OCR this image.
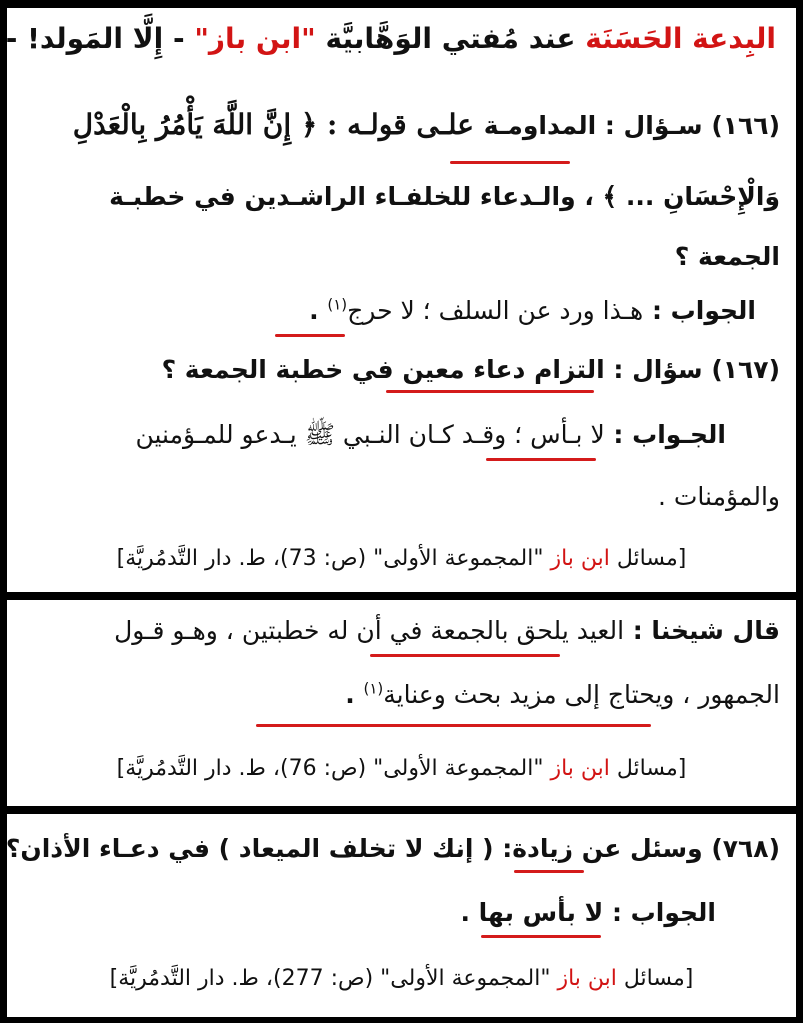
البِدعة الحَسَنَة عند مُفتي الوَهَّابيَّة "ابن باز" - إِلَّا المَولد! -
(١٦٦) سـؤال : المداومـة علـى قولـه : ﴿ إِنَّ اللَّهَ يَأْمُرُ بِالْعَدْلِ
وَالْإِحْسَانِ ... ﴾ ، والـدعاء للخلفـاء الراشـدين في خطبـة
الجمعة ؟
الجواب : هـذا ورد عن السلف ؛ لا حرج$^{(١)}$ .
(١٦٧) سؤال : التزام دعاء معين في خطبة الجمعة ؟
الجـواب : لا بـأس ؛ وقـد كـان النـبي ﷺ يـدعو للمـؤمنين
والمؤمنات .
[مسائل ابن باز "المجموعة الأولى" (ص: 73)، ط. دار التَّدمُريَّة]
قال شيخنا : العيد يلحق بالجمعة في أن له خطبتين ، وهـو قـول
الجمهور ، ويحتاج إلى مزيد بحث وعناية$^{(١)}$ .
[مسائل ابن باز "المجموعة الأولى" (ص: 76)، ط. دار التَّدمُريَّة]
(٧٦٨) وسئل عن زيادة: ( إنك لا تخلف الميعاد ) في دعـاء الأذان؟
الجواب : لا بأس بها .
[مسائل ابن باز "المجموعة الأولى" (ص: 277)، ط. دار التَّدمُريَّة]
